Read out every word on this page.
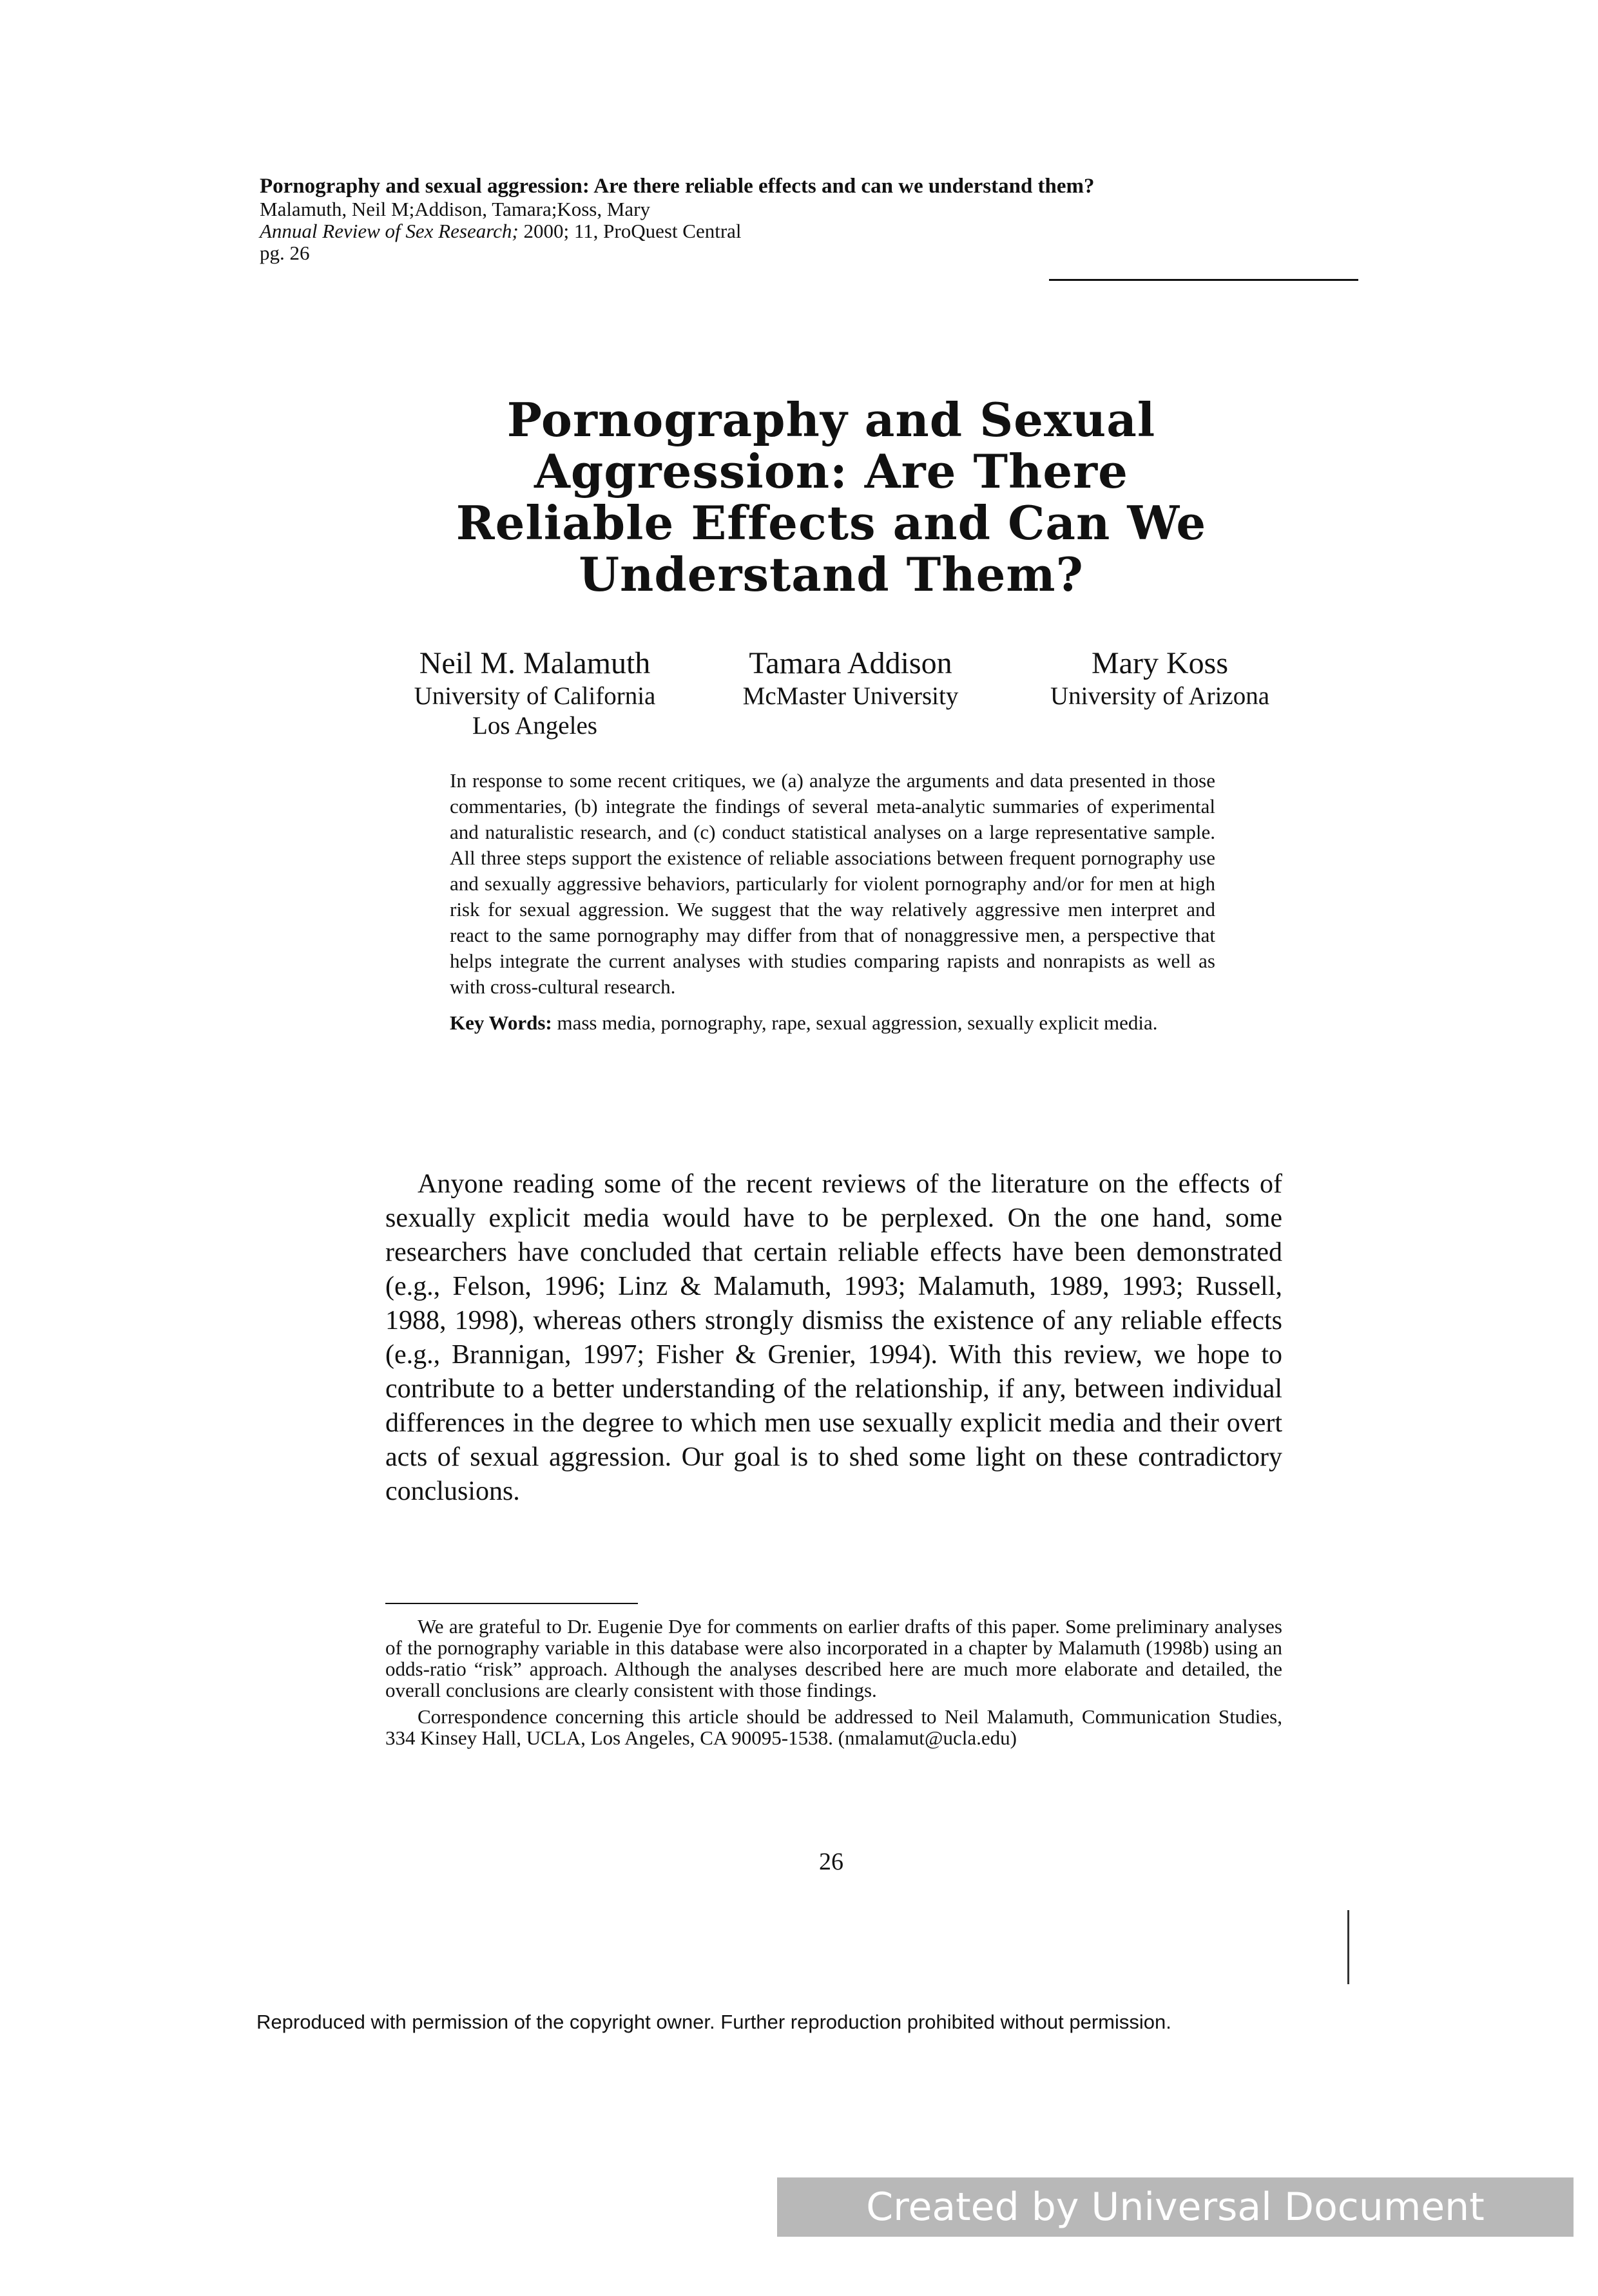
Pornography and sexual aggression: Are there reliable effects and can we understand them?
Malamuth, Neil M;Addison, Tamara;Koss, Mary
Annual Review of Sex Research; 2000; 11, ProQuest Central
pg. 26
Pornography and Sexual
Aggression: Are There
Reliable Effects and Can We
Understand Them?
Neil M. Malamuth
University of California
Los Angeles
Tamara Addison
McMaster University
Mary Koss
University of Arizona

In response to some recent critiques, we (a) analyze the arguments and data presented in those commentaries, (b) integrate the findings of several meta-analytic summaries of experimental and naturalistic research, and (c) conduct statistical analyses on a large representative sample. All three steps support the existence of reliable associations between frequent pornography use and sexually aggressive behaviors, particularly for violent pornography and/or for men at high risk for sexual aggression. We suggest that the way relatively aggressive men interpret and react to the same pornography may differ from that of nonaggressive men, a perspective that helps integrate the current analyses with studies comparing rapists and nonrapists as well as with cross-cultural research.

Key Words: mass media, pornography, rape, sexual aggression, sexually explicit media.

Anyone reading some of the recent reviews of the literature on the effects of sexually explicit media would have to be perplexed. On the one hand, some researchers have concluded that certain reliable effects have been demonstrated (e.g., Felson, 1996; Linz & Malamuth, 1993; Malamuth, 1989, 1993; Russell, 1988, 1998), whereas others strongly dismiss the existence of any reliable effects (e.g., Brannigan, 1997; Fisher & Grenier, 1994). With this review, we hope to contribute to a better understanding of the relationship, if any, between individual differences in the degree to which men use sexually explicit media and their overt acts of sexual aggression. Our goal is to shed some light on these contradictory conclusions.

We are grateful to Dr. Eugenie Dye for comments on earlier drafts of this paper. Some preliminary analyses of the pornography variable in this database were also incorporated in a chapter by Malamuth (1998b) using an odds-ratio “risk” approach. Although the analyses described here are much more elaborate and detailed, the overall conclusions are clearly consistent with those findings.

Correspondence concerning this article should be addressed to Neil Malamuth, Communication Studies, 334 Kinsey Hall, UCLA, Los Angeles, CA 90095-1538. (nmalamut@ucla.edu)

26
Reproduced with permission of the copyright owner. Further reproduction prohibited without permission.
Created by Universal Document Converter
